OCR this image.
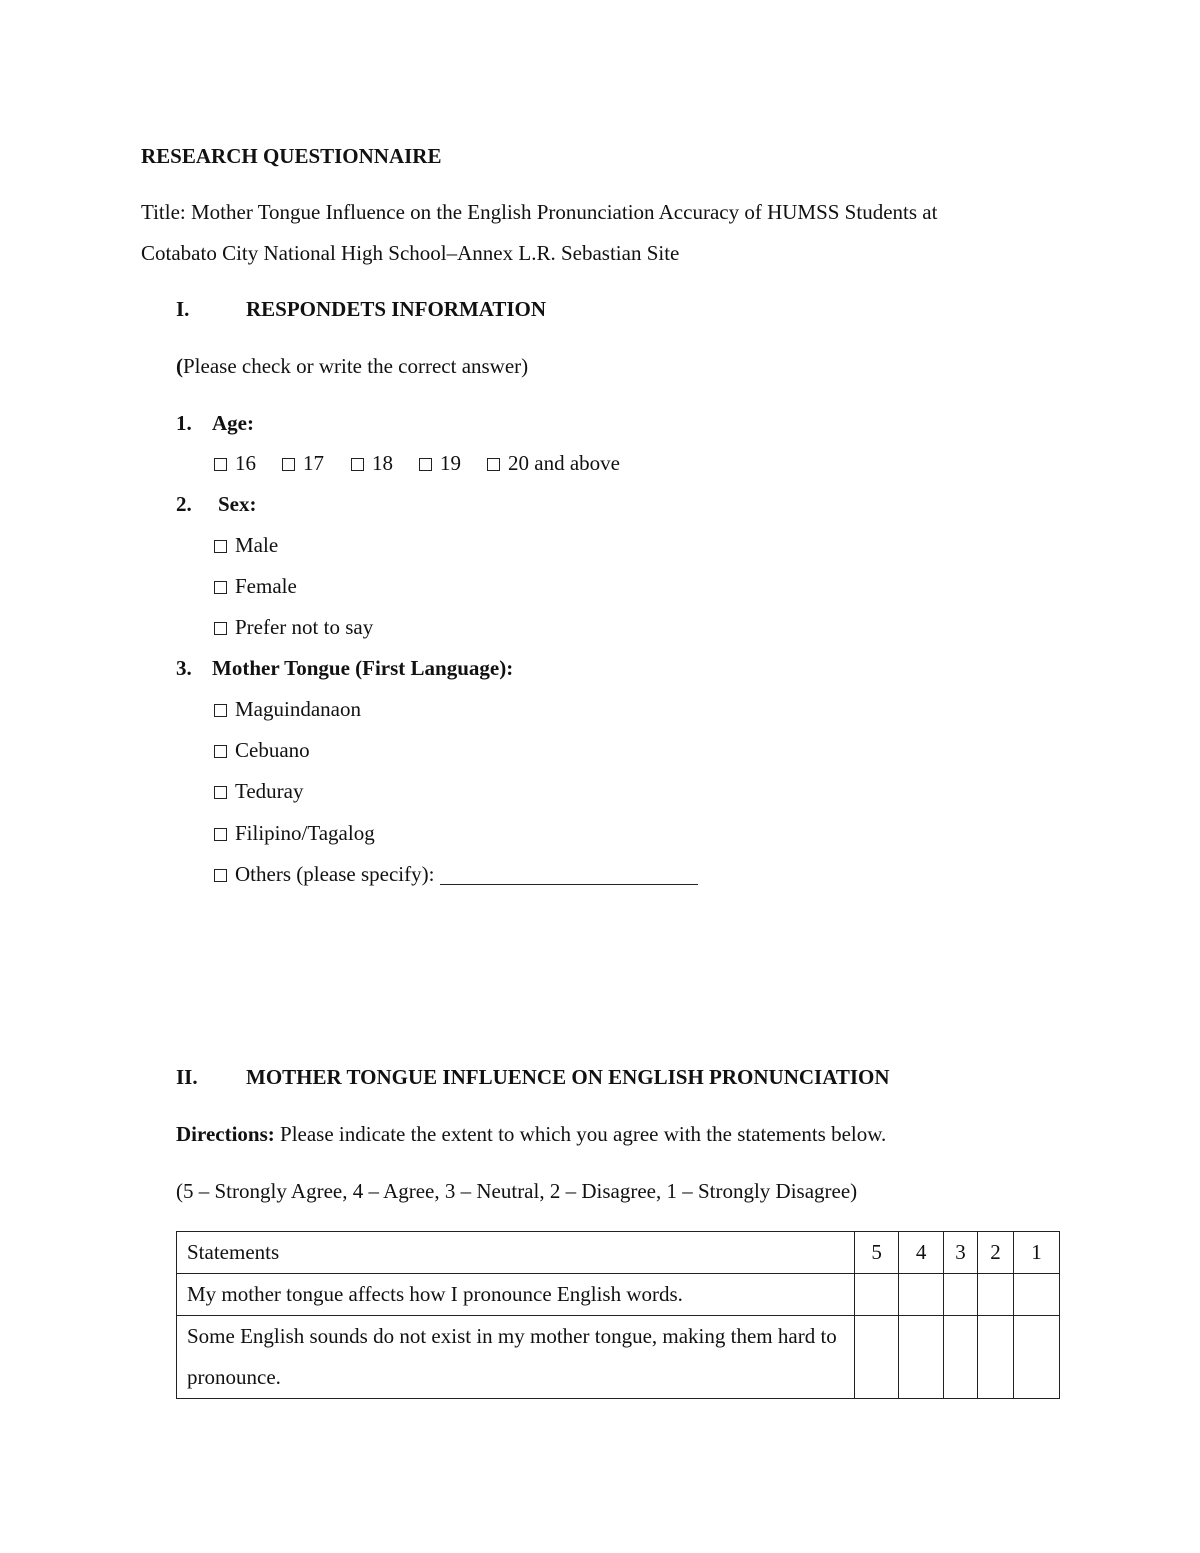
RESEARCH QUESTIONNAIRE
Title: Mother Tongue Influence on the English Pronunciation Accuracy of HUMSS Students at
Cotabato City National High School–Annex L.R. Sebastian Site
I.	RESPONDETS INFORMATION
(Please check or write the correct answer)
1. Age:
16	17	18	19	20 and above
2. Sex:
Male
Female
Prefer not to say
3. Mother Tongue (First Language):
Maguindanaon
Cebuano
Teduray
Filipino/Tagalog
Others (please specify):
II. MOTHER TONGUE INFLUENCE ON ENGLISH PRONUNCIATION
Directions: Please indicate the extent to which you agree with the statements below.
(5 – Strongly Agree, 4 – Agree, 3 – Neutral, 2 – Disagree, 1 – Strongly Disagree)
Statements	5	4	3	2	1
My mother tongue affects how I pronounce English words.					
Some English sounds do not exist in my mother tongue, making them hard to pronounce.					
